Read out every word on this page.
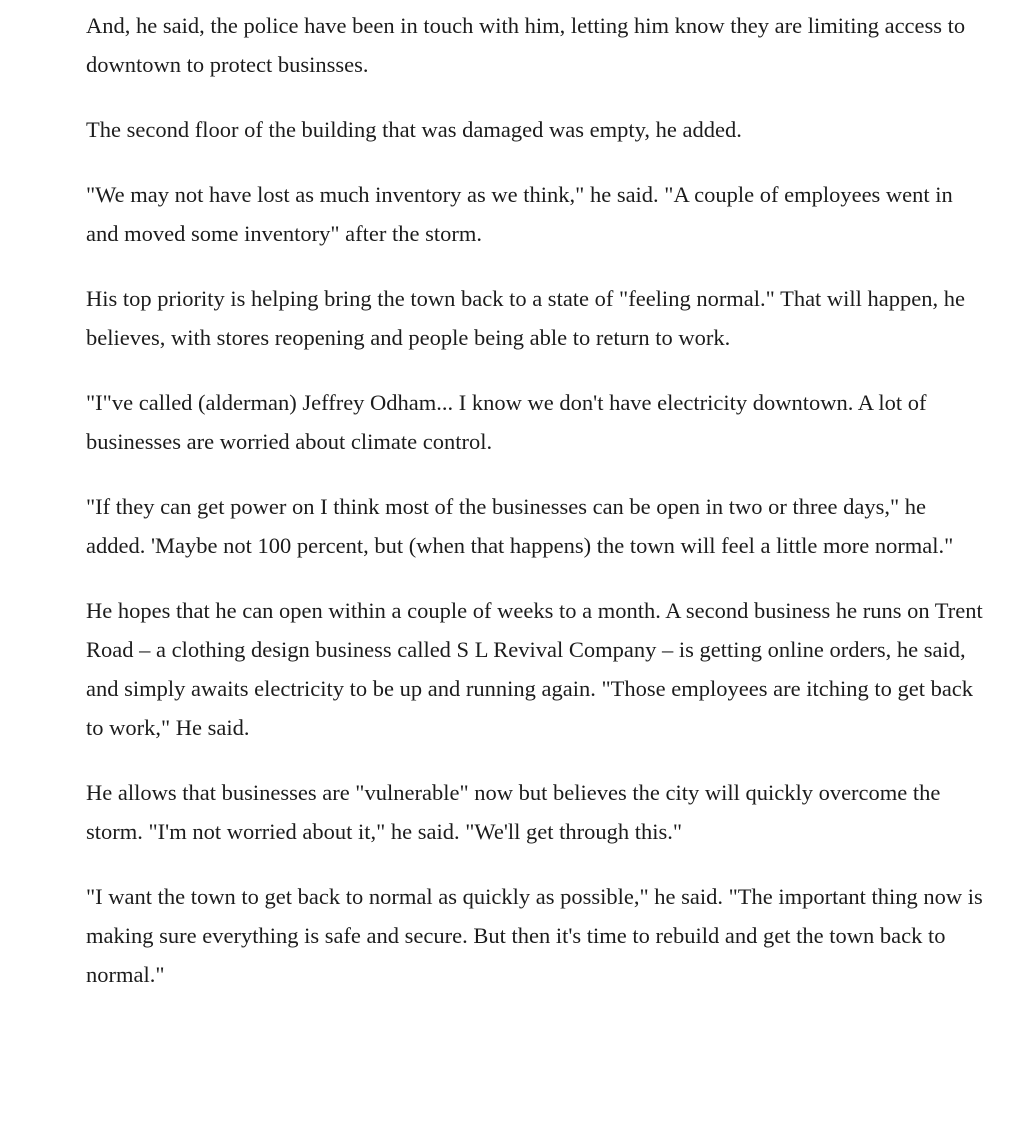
And, he said, the police have been in touch with him, letting him know they are limiting access to downtown to protect businsses.

The second floor of the building that was damaged was empty, he added.

"We may not have lost as much inventory as we think," he said. "A couple of employees went in and moved some inventory" after the storm.

His top priority is helping bring the town back to a state of "feeling normal." That will happen, he believes, with stores reopening and people being able to return to work.

"I"ve called (alderman) Jeffrey Odham... I know we don't have electricity downtown. A lot of businesses are worried about climate control.

"If they can get power on I think most of the businesses can be open in two or three days," he added. 'Maybe not 100 percent, but (when that happens) the town will feel a little more normal."

He hopes that he can open within a couple of weeks to a month. A second business he runs on Trent Road – a clothing design business called S L Revival Company – is getting online orders, he said, and simply awaits electricity to be up and running again. "Those employees are itching to get back to work," He said.

He allows that businesses are "vulnerable" now but believes the city will quickly overcome the storm. "I'm not worried about it," he said. "We'll get through this."

"I want the town to get back to normal as quickly as possible," he said. "The important thing now is making sure everything is safe and secure. But then it's time to rebuild and get the town back to normal."
